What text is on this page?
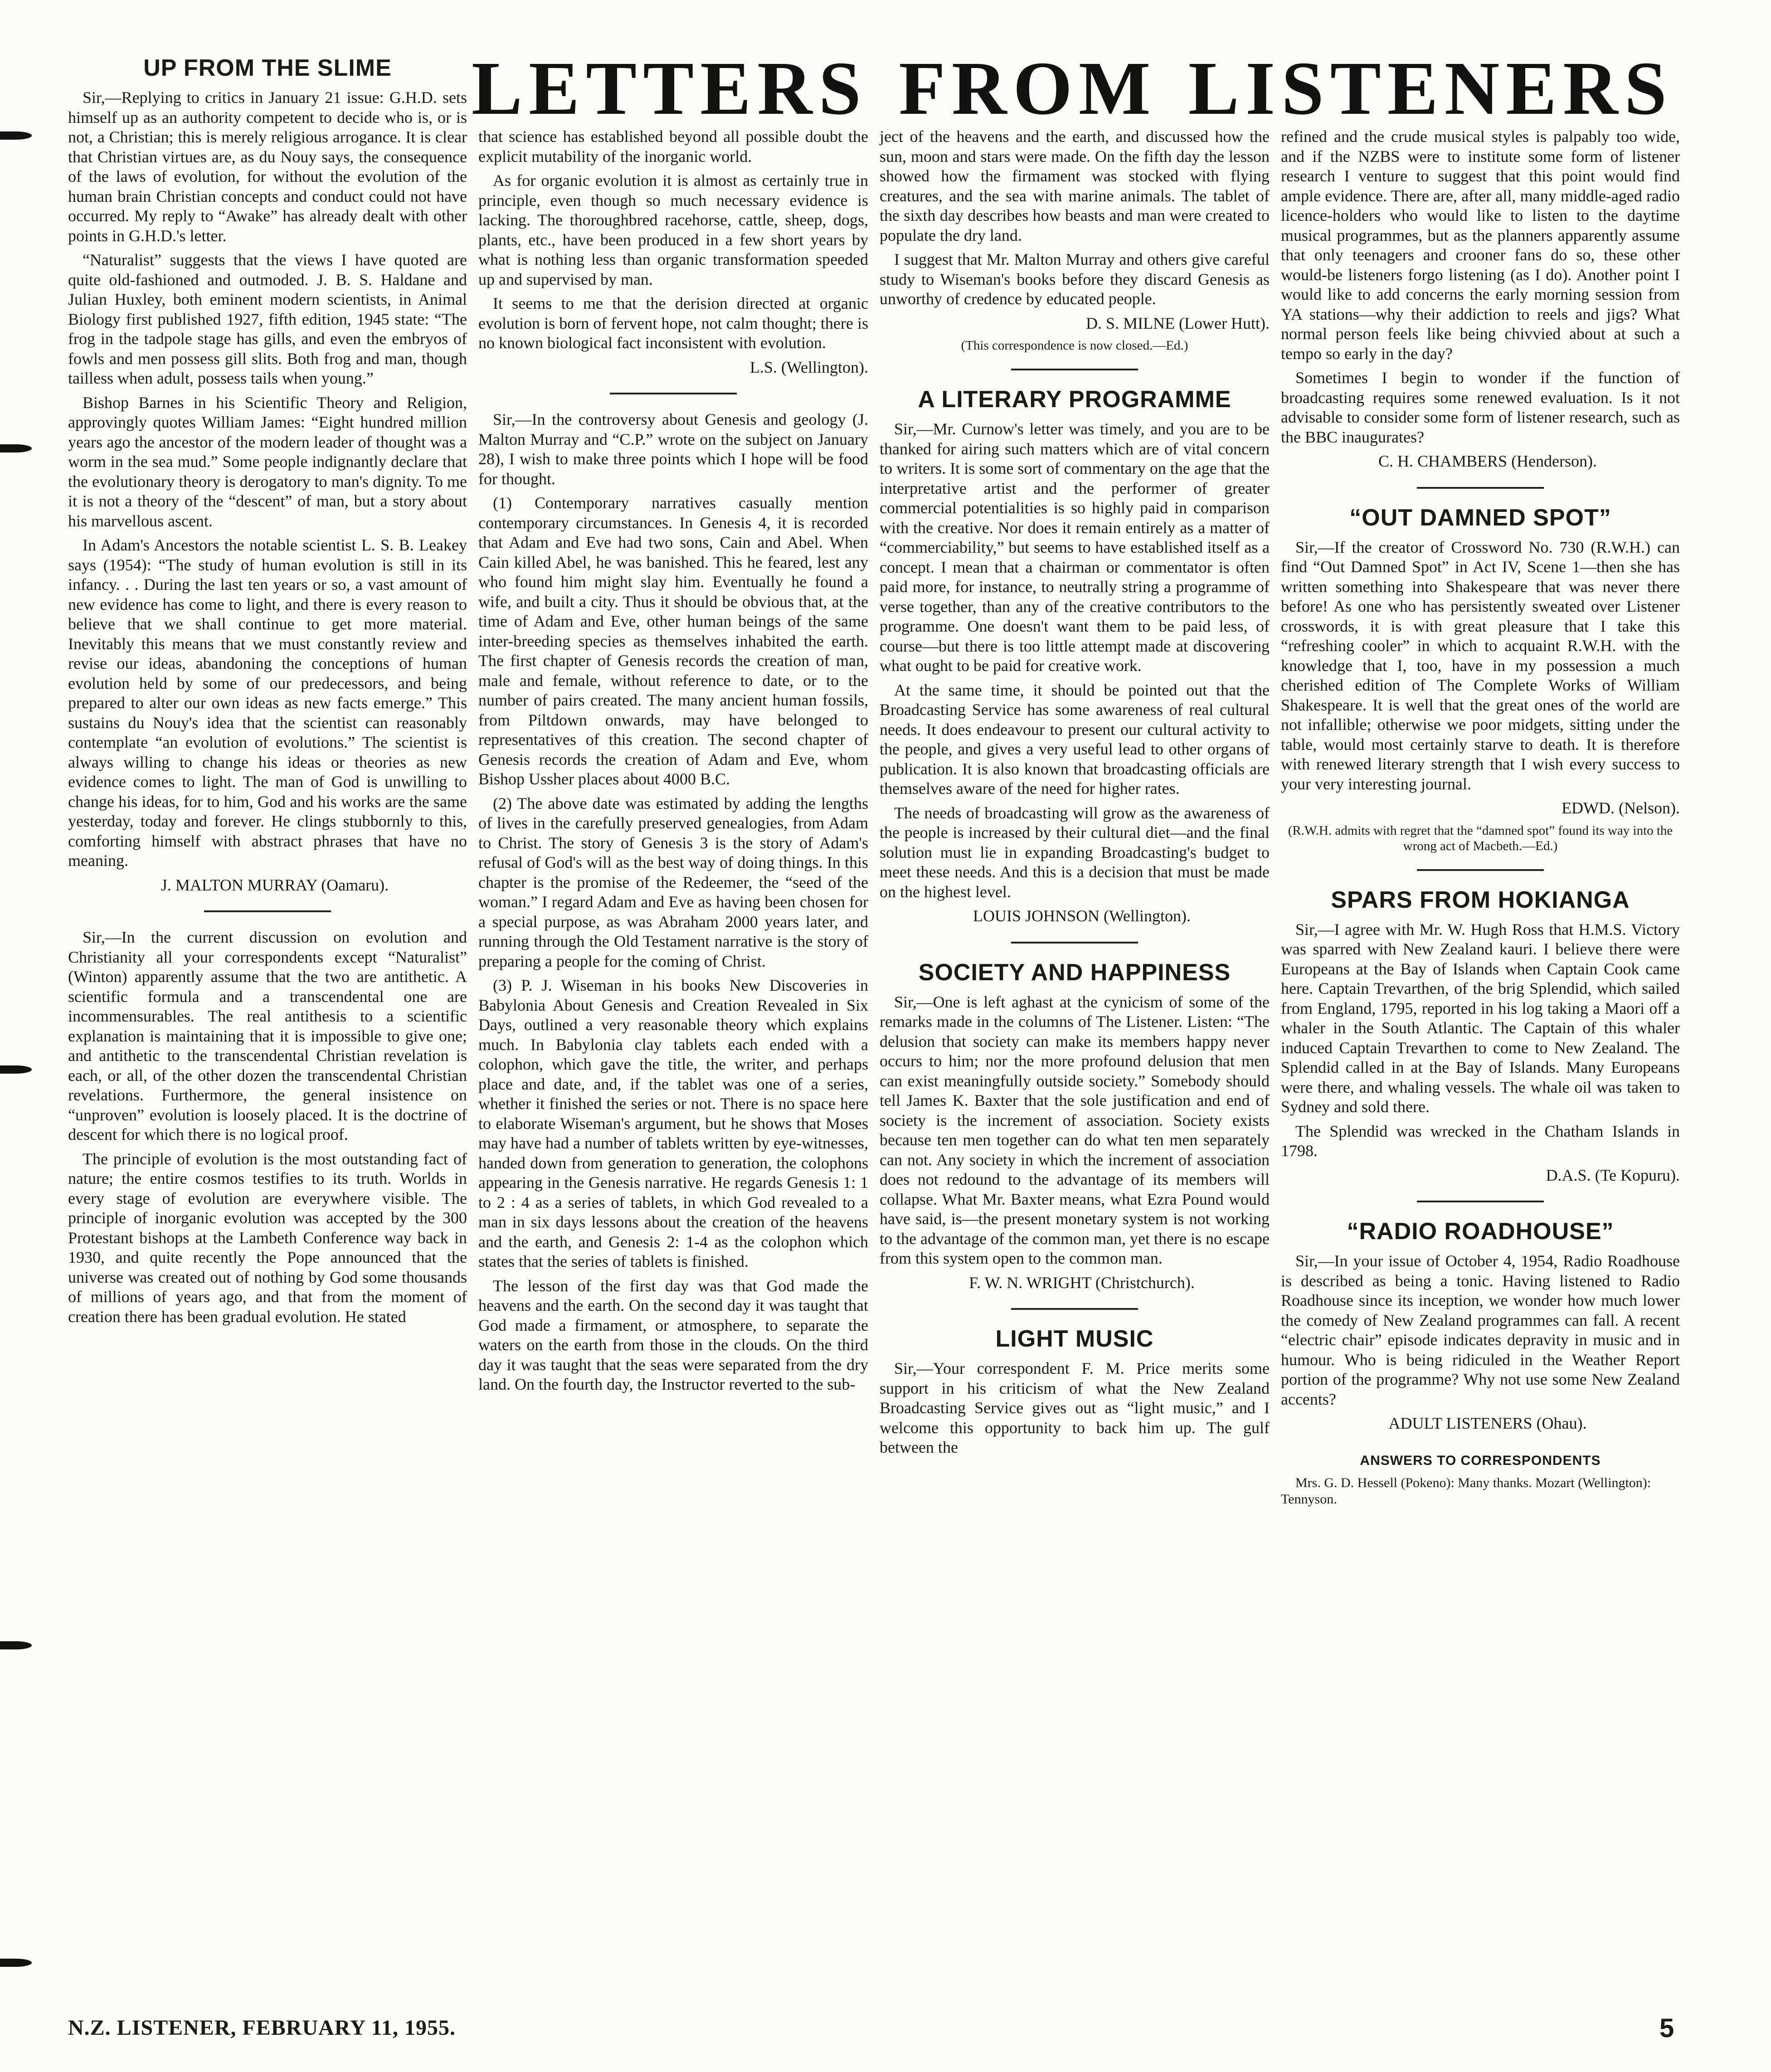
LETTERS FROM LISTENERS
UP FROM THE SLIME

Sir,—Replying to critics in January 21 issue: G.H.D. sets himself up as an authority competent to decide who is, or is not, a Christian; this is merely religious arrogance. It is clear that Christian virtues are, as du Nouy says, the consequence of the laws of evolution, for without the evolution of the human brain Christian concepts and conduct could not have occurred. My reply to “Awake” has already dealt with other points in G.H.D.'s letter.

“Naturalist” suggests that the views I have quoted are quite old-fashioned and outmoded. J. B. S. Haldane and Julian Huxley, both eminent modern scientists, in Animal Biology first published 1927, fifth edition, 1945 state: “The frog in the tadpole stage has gills, and even the embryos of fowls and men possess gill slits. Both frog and man, though tailless when adult, possess tails when young.”

Bishop Barnes in his Scientific Theory and Religion, approvingly quotes William James: “Eight hundred million years ago the ancestor of the modern leader of thought was a worm in the sea mud.” Some people indignantly declare that the evolutionary theory is derogatory to man's dignity. To me it is not a theory of the “descent” of man, but a story about his marvellous ascent.

In Adam's Ancestors the notable scientist L. S. B. Leakey says (1954): “The study of human evolution is still in its infancy. . . During the last ten years or so, a vast amount of new evidence has come to light, and there is every reason to believe that we shall continue to get more material. Inevitably this means that we must constantly review and revise our ideas, abandoning the conceptions of human evolution held by some of our predecessors, and being prepared to alter our own ideas as new facts emerge.” This sustains du Nouy's idea that the scientist can reasonably contemplate “an evolution of evolutions.” The scientist is always willing to change his ideas or theories as new evidence comes to light. The man of God is unwilling to change his ideas, for to him, God and his works are the same yesterday, today and forever. He clings stubbornly to this, comforting himself with abstract phrases that have no meaning.

J. MALTON MURRAY (Oamaru).

Sir,—In the current discussion on evolution and Christianity all your correspondents except “Naturalist” (Winton) apparently assume that the two are antithetic. A scientific formula and a transcendental one are incommensurables. The real antithesis to a scientific explanation is maintaining that it is impossible to give one; and antithetic to the transcendental Christian revelation is each, or all, of the other dozen the transcendental Christian revelations. Furthermore, the general insistence on “unproven” evolution is loosely placed. It is the doctrine of descent for which there is no logical proof.

The principle of evolution is the most outstanding fact of nature; the entire cosmos testifies to its truth. Worlds in every stage of evolution are everywhere visible. The principle of inorganic evolution was accepted by the 300 Protestant bishops at the Lambeth Conference way back in 1930, and quite recently the Pope announced that the universe was created out of nothing by God some thousands of millions of years ago, and that from the moment of creation there has been gradual evolution. He stated

that science has established beyond all possible doubt the explicit mutability of the inorganic world.

As for organic evolution it is almost as certainly true in principle, even though so much necessary evidence is lacking. The thoroughbred racehorse, cattle, sheep, dogs, plants, etc., have been produced in a few short years by what is nothing less than organic transformation speeded up and supervised by man.

It seems to me that the derision directed at organic evolution is born of fervent hope, not calm thought; there is no known biological fact inconsistent with evolution.

L.S. (Wellington).

Sir,—In the controversy about Genesis and geology (J. Malton Murray and “C.P.” wrote on the subject on January 28), I wish to make three points which I hope will be food for thought.

(1) Contemporary narratives casually mention contemporary circumstances. In Genesis 4, it is recorded that Adam and Eve had two sons, Cain and Abel. When Cain killed Abel, he was banished. This he feared, lest any who found him might slay him. Eventually he found a wife, and built a city. Thus it should be obvious that, at the time of Adam and Eve, other human beings of the same inter-breeding species as themselves inhabited the earth. The first chapter of Genesis records the creation of man, male and female, without reference to date, or to the number of pairs created. The many ancient human fossils, from Piltdown onwards, may have belonged to representatives of this creation. The second chapter of Genesis records the creation of Adam and Eve, whom Bishop Ussher places about 4000 B.C.

(2) The above date was estimated by adding the lengths of lives in the carefully preserved genealogies, from Adam to Christ. The story of Genesis 3 is the story of Adam's refusal of God's will as the best way of doing things. In this chapter is the promise of the Redeemer, the “seed of the woman.” I regard Adam and Eve as having been chosen for a special purpose, as was Abraham 2000 years later, and running through the Old Testament narrative is the story of preparing a people for the coming of Christ.

(3) P. J. Wiseman in his books New Discoveries in Babylonia About Genesis and Creation Revealed in Six Days, outlined a very reasonable theory which explains much. In Babylonia clay tablets each ended with a colophon, which gave the title, the writer, and perhaps place and date, and, if the tablet was one of a series, whether it finished the series or not. There is no space here to elaborate Wiseman's argument, but he shows that Moses may have had a number of tablets written by eye-witnesses, handed down from generation to generation, the colophons appearing in the Genesis narrative. He regards Genesis 1: 1 to 2 : 4 as a series of tablets, in which God revealed to a man in six days lessons about the creation of the heavens and the earth, and Genesis 2: 1-4 as the colophon which states that the series of tablets is finished.

The lesson of the first day was that God made the heavens and the earth. On the second day it was taught that God made a firmament, or atmosphere, to separate the waters on the earth from those in the clouds. On the third day it was taught that the seas were separated from the dry land. On the fourth day, the Instructor reverted to the sub-

ject of the heavens and the earth, and discussed how the sun, moon and stars were made. On the fifth day the lesson showed how the firmament was stocked with flying creatures, and the sea with marine animals. The tablet of the sixth day describes how beasts and man were created to populate the dry land.

I suggest that Mr. Malton Murray and others give careful study to Wiseman's books before they discard Genesis as unworthy of credence by educated people.

D. S. MILNE (Lower Hutt).

(This correspondence is now closed.—Ed.)
A LITERARY PROGRAMME

Sir,—Mr. Curnow's letter was timely, and you are to be thanked for airing such matters which are of vital concern to writers. It is some sort of commentary on the age that the interpretative artist and the performer of greater commercial potentialities is so highly paid in comparison with the creative. Nor does it remain entirely as a matter of “commerciability,” but seems to have established itself as a concept. I mean that a chairman or commentator is often paid more, for instance, to neutrally string a programme of verse together, than any of the creative contributors to the programme. One doesn't want them to be paid less, of course—but there is too little attempt made at discovering what ought to be paid for creative work.

At the same time, it should be pointed out that the Broadcasting Service has some awareness of real cultural needs. It does endeavour to present our cultural activity to the people, and gives a very useful lead to other organs of publication. It is also known that broadcasting officials are themselves aware of the need for higher rates.

The needs of broadcasting will grow as the awareness of the people is increased by their cultural diet—and the final solution must lie in expanding Broadcasting's budget to meet these needs. And this is a decision that must be made on the highest level.

LOUIS JOHNSON (Wellington).

SOCIETY AND HAPPINESS

Sir,—One is left aghast at the cynicism of some of the remarks made in the columns of The Listener. Listen: “The delusion that society can make its members happy never occurs to him; nor the more profound delusion that men can exist meaningfully outside society.” Somebody should tell James K. Baxter that the sole justification and end of society is the increment of association. Society exists because ten men together can do what ten men separately can not. Any society in which the increment of association does not redound to the advantage of its members will collapse. What Mr. Baxter means, what Ezra Pound would have said, is—the present monetary system is not working to the advantage of the common man, yet there is no escape from this system open to the common man.

F. W. N. WRIGHT (Christchurch).

LIGHT MUSIC

Sir,—Your correspondent F. M. Price merits some support in his criticism of what the New Zealand Broadcasting Service gives out as “light music,” and I welcome this opportunity to back him up. The gulf between the

refined and the crude musical styles is palpably too wide, and if the NZBS were to institute some form of listener research I venture to suggest that this point would find ample evidence. There are, after all, many middle-aged radio licence-holders who would like to listen to the daytime musical programmes, but as the planners apparently assume that only teenagers and crooner fans do so, these other would-be listeners forgo listening (as I do). Another point I would like to add concerns the early morning session from YA stations—why their addiction to reels and jigs? What normal person feels like being chivvied about at such a tempo so early in the day?

Sometimes I begin to wonder if the function of broadcasting requires some renewed evaluation. Is it not advisable to consider some form of listener research, such as the BBC inaugurates?

C. H. CHAMBERS (Henderson).

“OUT DAMNED SPOT”

Sir,—If the creator of Crossword No. 730 (R.W.H.) can find “Out Damned Spot” in Act IV, Scene 1—then she has written something into Shakespeare that was never there before! As one who has persistently sweated over Listener crosswords, it is with great pleasure that I take this “refreshing cooler” in which to acquaint R.W.H. with the knowledge that I, too, have in my possession a much cherished edition of The Complete Works of William Shakespeare. It is well that the great ones of the world are not infallible; otherwise we poor midgets, sitting under the table, would most certainly starve to death. It is therefore with renewed literary strength that I wish every success to your very interesting journal.

EDWD. (Nelson).

(R.W.H. admits with regret that the “damned spot” found its way into the wrong act of Macbeth.—Ed.)
SPARS FROM HOKIANGA

Sir,—I agree with Mr. W. Hugh Ross that H.M.S. Victory was sparred with New Zealand kauri. I believe there were Europeans at the Bay of Islands when Captain Cook came here. Captain Trevarthen, of the brig Splendid, which sailed from England, 1795, reported in his log taking a Maori off a whaler in the South Atlantic. The Captain of this whaler induced Captain Trevarthen to come to New Zealand. The Splendid called in at the Bay of Islands. Many Europeans were there, and whaling vessels. The whale oil was taken to Sydney and sold there.

The Splendid was wrecked in the Chatham Islands in 1798.

D.A.S. (Te Kopuru).

“RADIO ROADHOUSE”

Sir,—In your issue of October 4, 1954, Radio Roadhouse is described as being a tonic. Having listened to Radio Roadhouse since its inception, we wonder how much lower the comedy of New Zealand programmes can fall. A recent “electric chair” episode indicates depravity in music and in humour. Who is being ridiculed in the Weather Report portion of the programme? Why not use some New Zealand accents?

ADULT LISTENERS (Ohau).

ANSWERS TO CORRESPONDENTS

Mrs. G. D. Hessell (Pokeno): Many thanks. Mozart (Wellington): Tennyson.

N.Z. LISTENER, FEBRUARY 11, 1955.	5
